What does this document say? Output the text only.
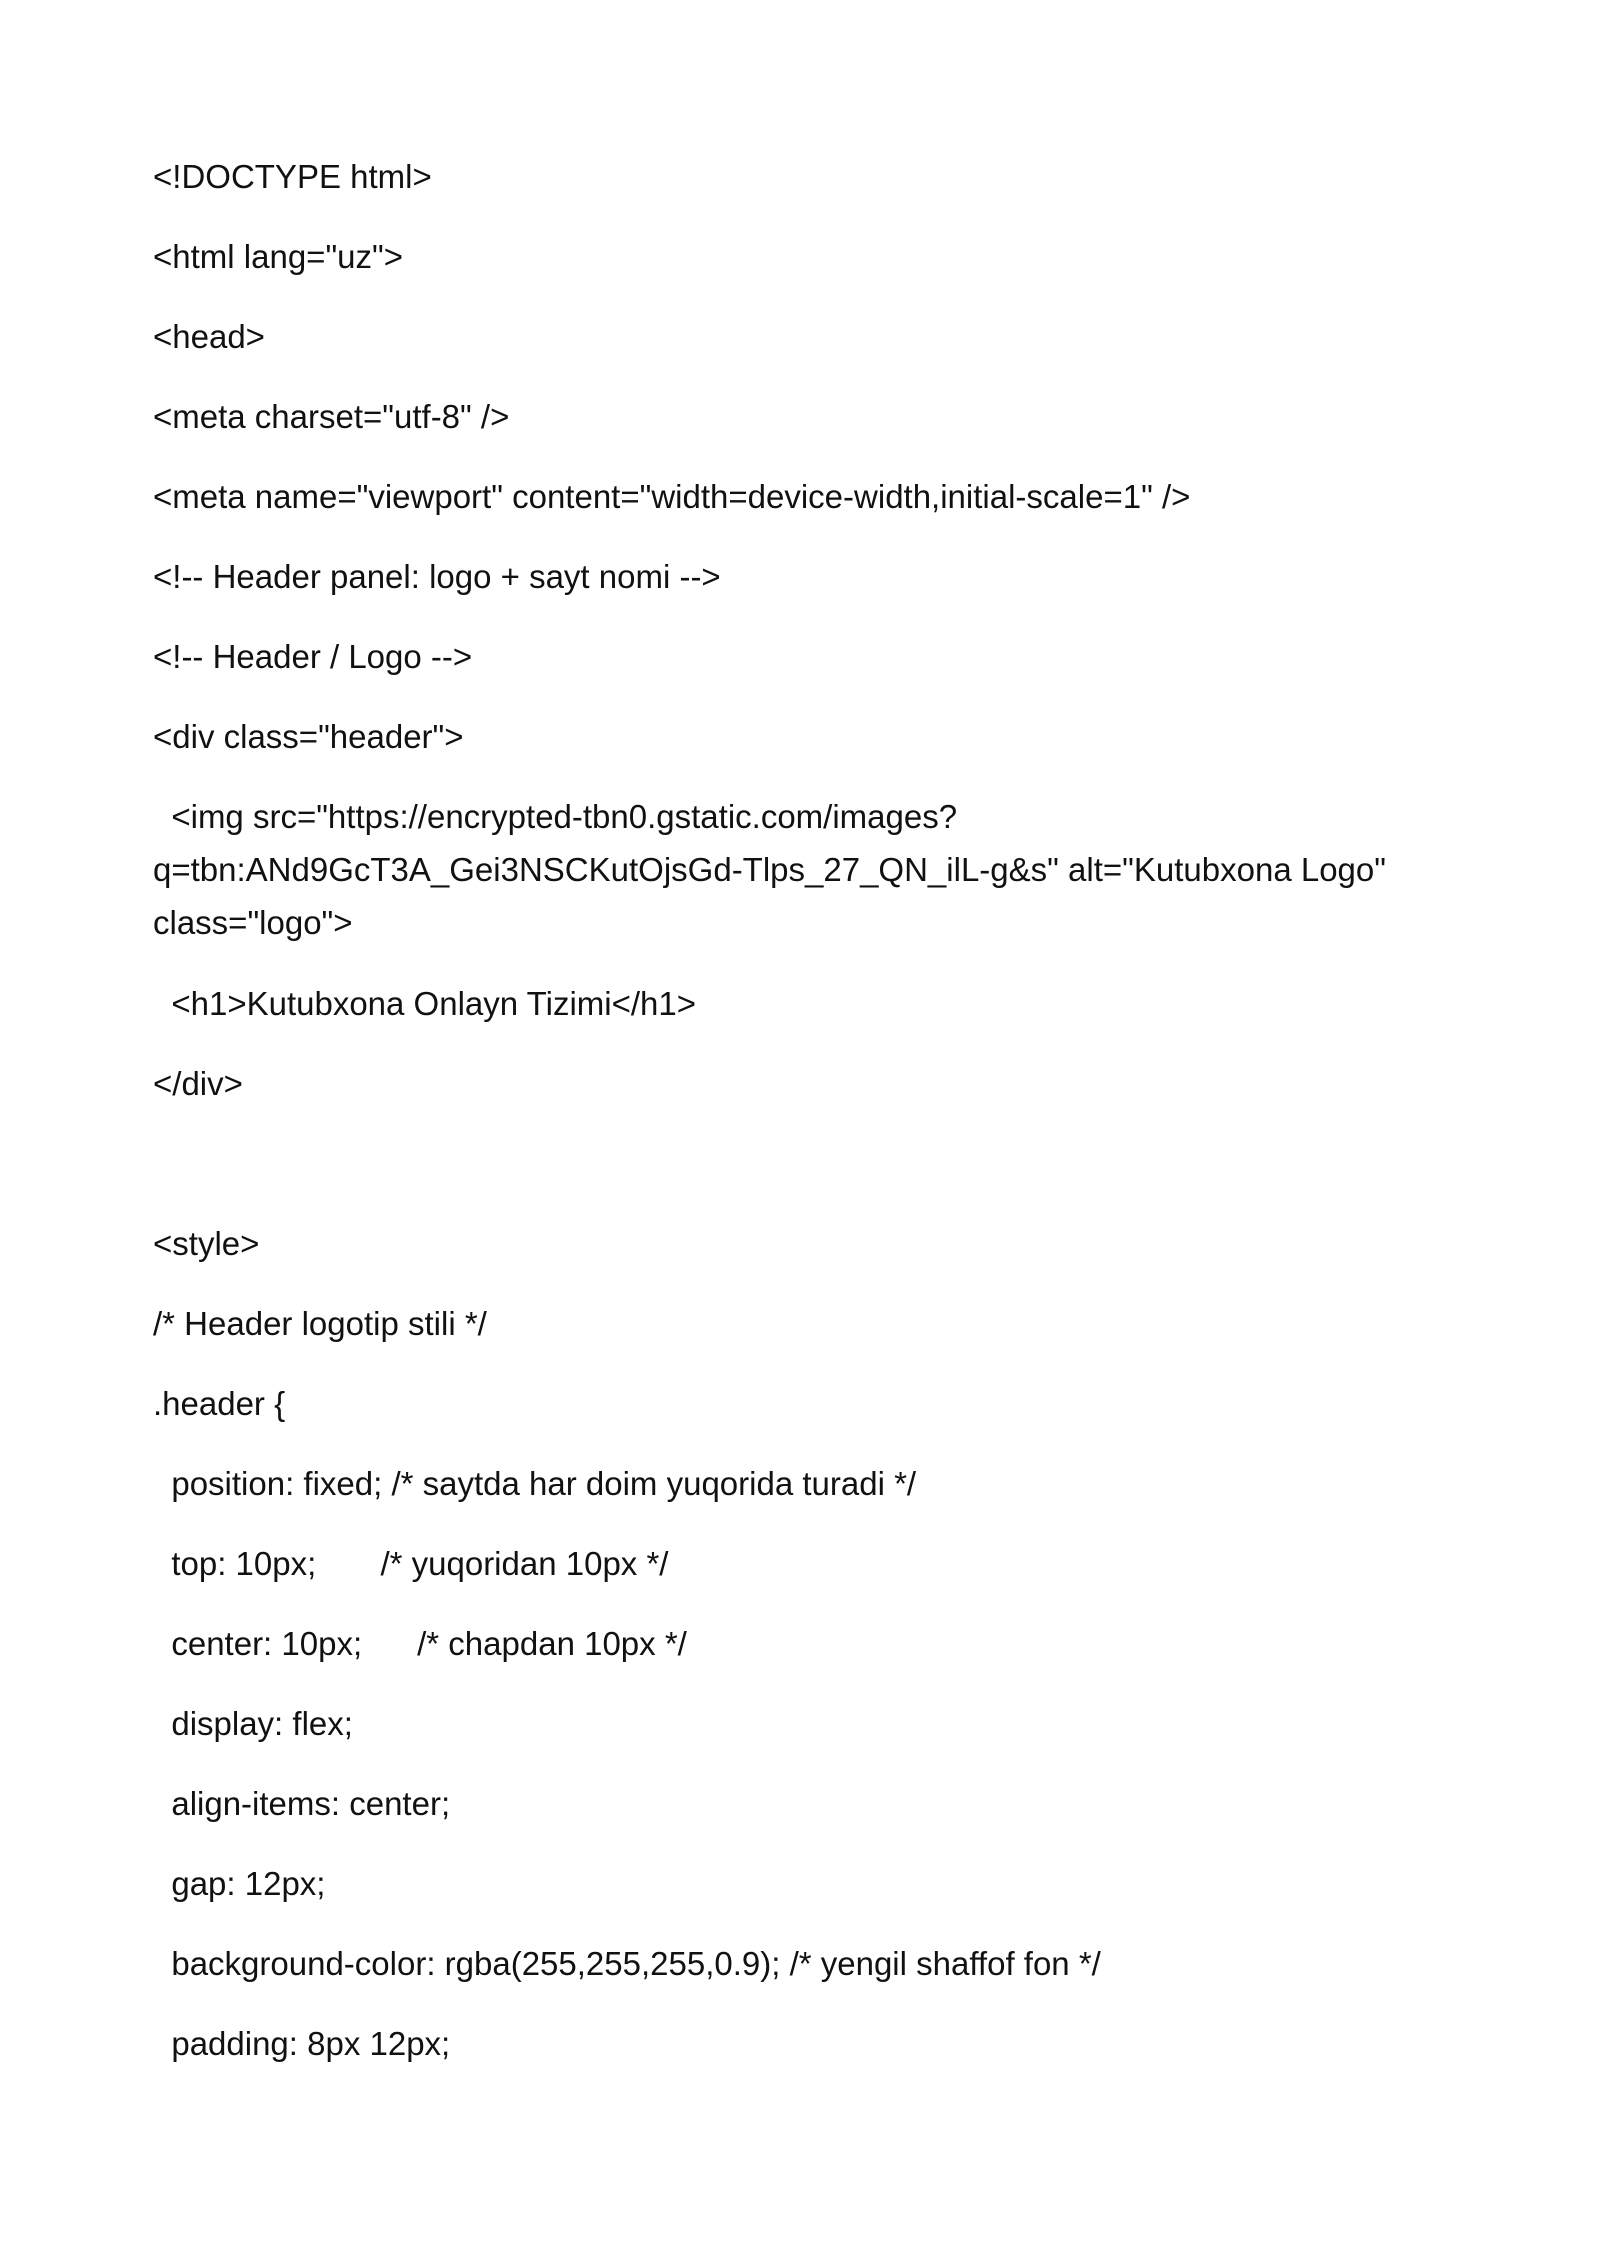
<!DOCTYPE html>

<html lang="uz">

<head>

<meta charset="utf-8" />

<meta name="viewport" content="width=device-width,initial-scale=1" />

<!-- Header panel: logo + sayt nomi -->

<!-- Header / Logo -->

<div class="header">

<img src="https://encrypted-tbn0.gstatic.com/images?

q=tbn:ANd9GcT3A_Gei3NSCKutOjsGd-Tlps_27_QN_ilL-g&s" alt="Kutubxona Logo"

class="logo">

<h1>Kutubxona Onlayn Tizimi</h1>

</div>

<style>

/* Header logotip stili */

.header {

position: fixed; /* saytda har doim yuqorida turadi */

top: 10px;       /* yuqoridan 10px */

center: 10px;      /* chapdan 10px */

display: flex;

align-items: center;

gap: 12px;

background-color: rgba(255,255,255,0.9); /* yengil shaffof fon */

padding: 8px 12px;
